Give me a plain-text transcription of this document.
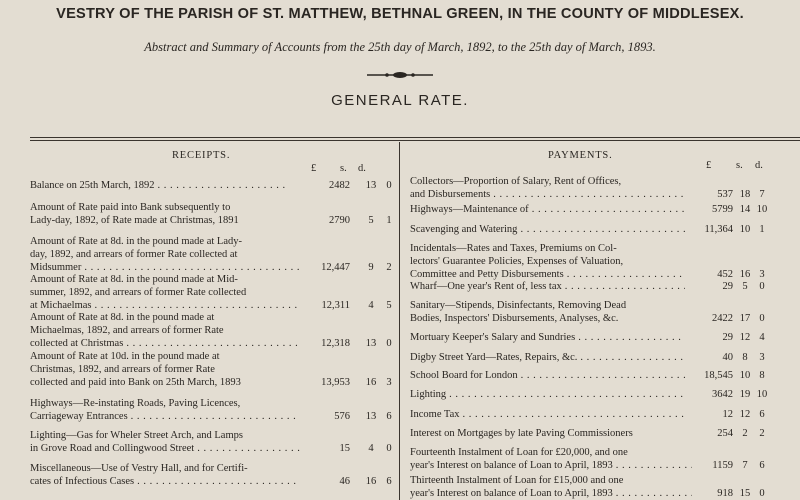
VESTRY OF THE PARISH OF ST. MATTHEW, BETHNAL GREEN, IN THE COUNTY OF MIDDLESEX.
Abstract and Summary of Accounts from the 25th day of March, 1892, to the 25th day of March, 1893.
GENERAL RATE.
RECEIPTS.
£ s. d.
PAYMENTS.
£ s. d.
Balance on 25th March, 1892 . . .	2482	13 0
Amount of Rate paid into Bank subsequently to
Lady-day, 1892, of Rate made at Christmas, 1891	2790	5	1
Amount of Rate at 8d. in the pound made at Lady-
day, 1892, and arrears of former Rate collected at
Midsummer . . .	12,447	9	2
Amount of Rate at 8d. in the pound made at Mid-
summer, 1892, and arrears of former Rate collected
at Michaelmas . . .	12,311	4	5
Amount of Rate at 8d. in the pound made at
Michaelmas, 1892, and arrears of former Rate
collected at Christmas . . .	12,318	13 0
Amount of Rate at 10d. in the pound made at
Christmas, 1892, and arrears of former Rate
collected and paid into Bank on 25th March, 1893	13,953	16 3
Highways—Re-instating Roads, Paving Licences,
Carriageway Entrances . . .	576	13 6
Lighting—Gas for Wheler Street Arch, and Lamps
in Grove Road and Collingwood Street . . .	15	4	0
Miscellaneous—Use of Vestry Hall, and for Certifi-
cates of Infectious Cases . . .	46	16 6
Collectors—Proportion of Salary, Rent of Offices,
and Disbursements . . .	537 18 7
Highways—Maintenance of . . .	5799 14 10
Scavenging and Watering . . .	11,364 10 1
Incidentals—Rates and Taxes, Premiums on Col-
lectors' Guarantee Policies, Expenses of Valuation,
Committee and Petty Disbursements . . .	452 16 3
Wharf—One year's Rent of, less tax . . .	29 5	0
Sanitary—Stipends, Disinfectants, Removing Dead
Bodies, Inspectors' Disbursements, Analyses, &c.	2422 17 0
Mortuary Keeper's Salary and Sundries . . .	29 12 4
Digby Street Yard—Rates, Repairs, &c. . . .	40 8	3
School Board for London . . .	18,545 10 8
Lighting . . .	3642 19 10
Income Tax . . .	12 12 6
Interest on Mortgages by late Paving Commissioners	254 2	2
Fourteenth Instalment of Loan for £20,000, and one
year's Interest on balance of Loan to April, 1893 . . .	1159 7	6
Thirteenth Instalment of Loan for £15,000 and one
year's Interest on balance of Loan to April, 1893 . . .	918 15 0
